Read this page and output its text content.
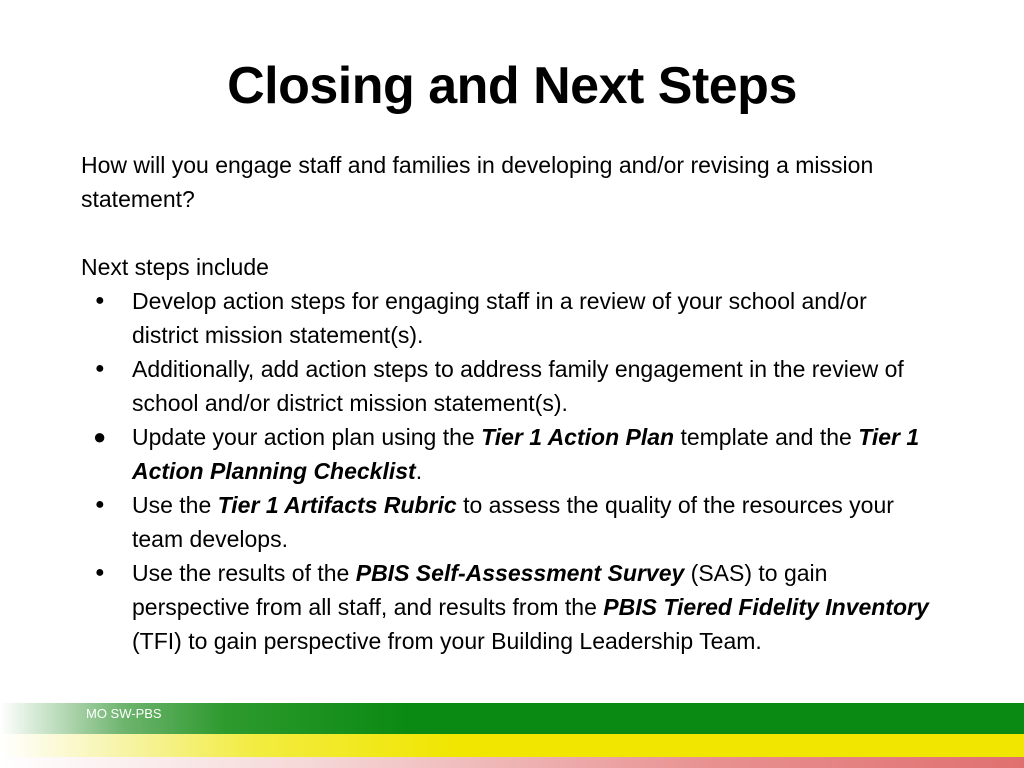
Closing and Next Steps

How will you engage staff and families in developing and/or revising a mission statement?

Next steps include

● Develop action steps for engaging staff in a review of your school and/or district mission statement(s).
● Additionally, add action steps to address family engagement in the review of school and/or district mission statement(s).
● Update your action plan using the Tier 1 Action Plan template and the Tier 1 Action Planning Checklist.
● Use the Tier 1 Artifacts Rubric to assess the quality of the resources your team develops.
● Use the results of the PBIS Self-Assessment Survey (SAS) to gain perspective from all staff, and results from the PBIS Tiered Fidelity Inventory (TFI) to gain perspective from your Building Leadership Team.
MO SW-PBS
